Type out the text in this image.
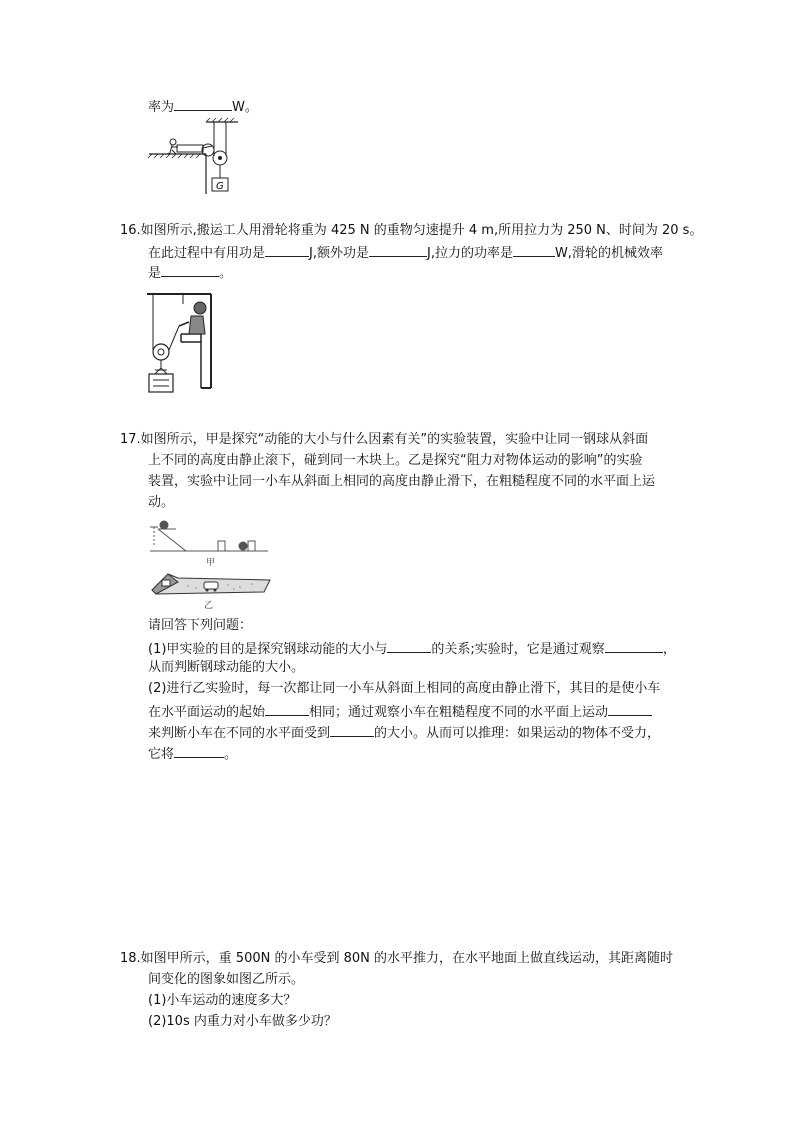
率为	W。
G
16.如图所示,搬运工人用滑轮将重为 425 N 的重物匀速提升 4 m,所用拉力为 250 N、时间为 20 s。
在此过程中有用功是	J,额外功是	J,拉力的功率是	W,滑轮的机械效率
是	。
17.如图所示，甲是探究“动能的大小与什么因素有关”的实验装置，实验中让同一钢球从斜面
上不同的高度由静止滚下，碰到同一木块上。乙是探究“阻力对物体运动的影响”的实验
装置，实验中让同一小车从斜面上相同的高度由静止滑下，在粗糙程度不同的水平面上运
动。
甲
乙
请回答下列问题：
(1)甲实验的目的是探究钢球动能的大小与	的关系;实验时，它是通过观察	，
从而判断钢球动能的大小。
(2)进行乙实验时，每一次都让同一小车从斜面上相同的高度由静止滑下，其目的是使小车
在水平面运动的起始	相同；通过观察小车在粗糙程度不同的水平面上运动
来判断小车在不同的水平面受到	的大小。从而可以推理：如果运动的物体不受力，
它将	。
18.如图甲所示，重 500N 的小车受到 80N 的水平推力，在水平地面上做直线运动，其距离随时
间变化的图象如图乙所示。
(1)小车运动的速度多大？
(2)10s 内重力对小车做多少功？
